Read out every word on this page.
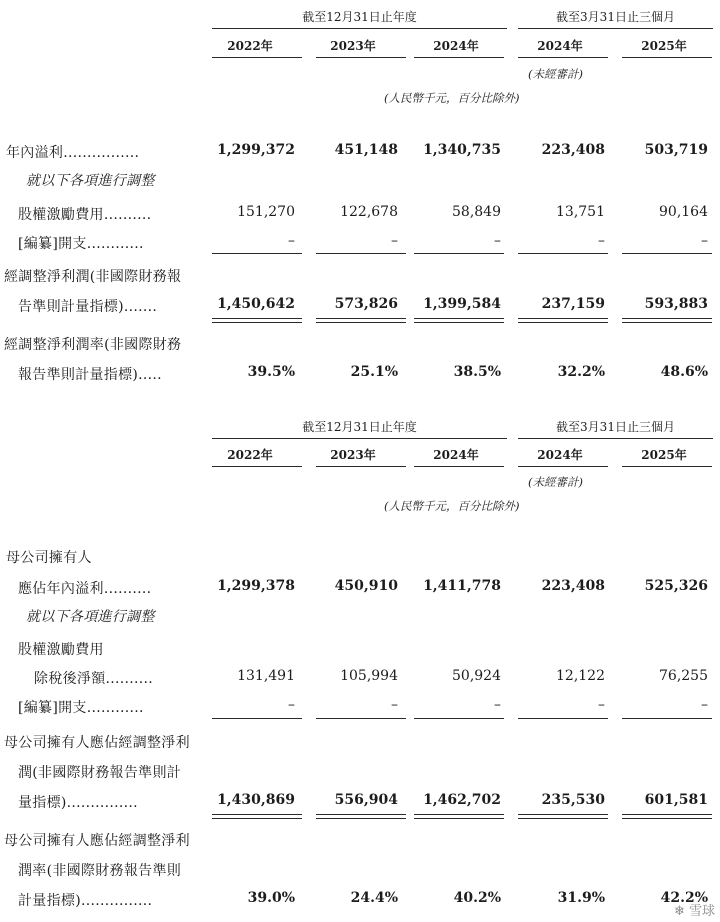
截至12月31日止年度	截至3月31日止三個月
2022年	2023年	2024年	2024年	2025年
(未經審計)
(人民幣千元，百分比除外)
年內溢利................	1,299,372	451,148	1,340,735	223,408	503,719
就以下各項進行調整
股權激勵費用..........	151,270	122,678	58,849	13,751	90,164
[編纂]開支............	–	–	–	–	–
經調整淨利潤(非國際財務報
告準則計量指標).......	1,450,642	573,826	1,399,584	237,159	593,883
經調整淨利潤率(非國際財務
報告準則計量指標).....	39.5%	25.1%	38.5%	32.2%	48.6%
截至12月31日止年度	截至3月31日止三個月
2022年	2023年	2024年	2024年	2025年
(未經審計)
(人民幣千元，百分比除外)
母公司擁有人
應佔年內溢利..........	1,299,378	450,910	1,411,778	223,408	525,326
就以下各項進行調整
股權激勵費用
除稅後淨額..........	131,491	105,994	50,924	12,122	76,255
[編纂]開支............	–	–	–	–	–
母公司擁有人應佔經調整淨利
潤(非國際財務報告準則計
量指標)...............	1,430,869	556,904	1,462,702	235,530	601,581
母公司擁有人應佔經調整淨利
潤率(非國際財務報告準則
計量指標)...............	39.0%	24.4%	40.2%	31.9%	42.2%
❄ 雪球
